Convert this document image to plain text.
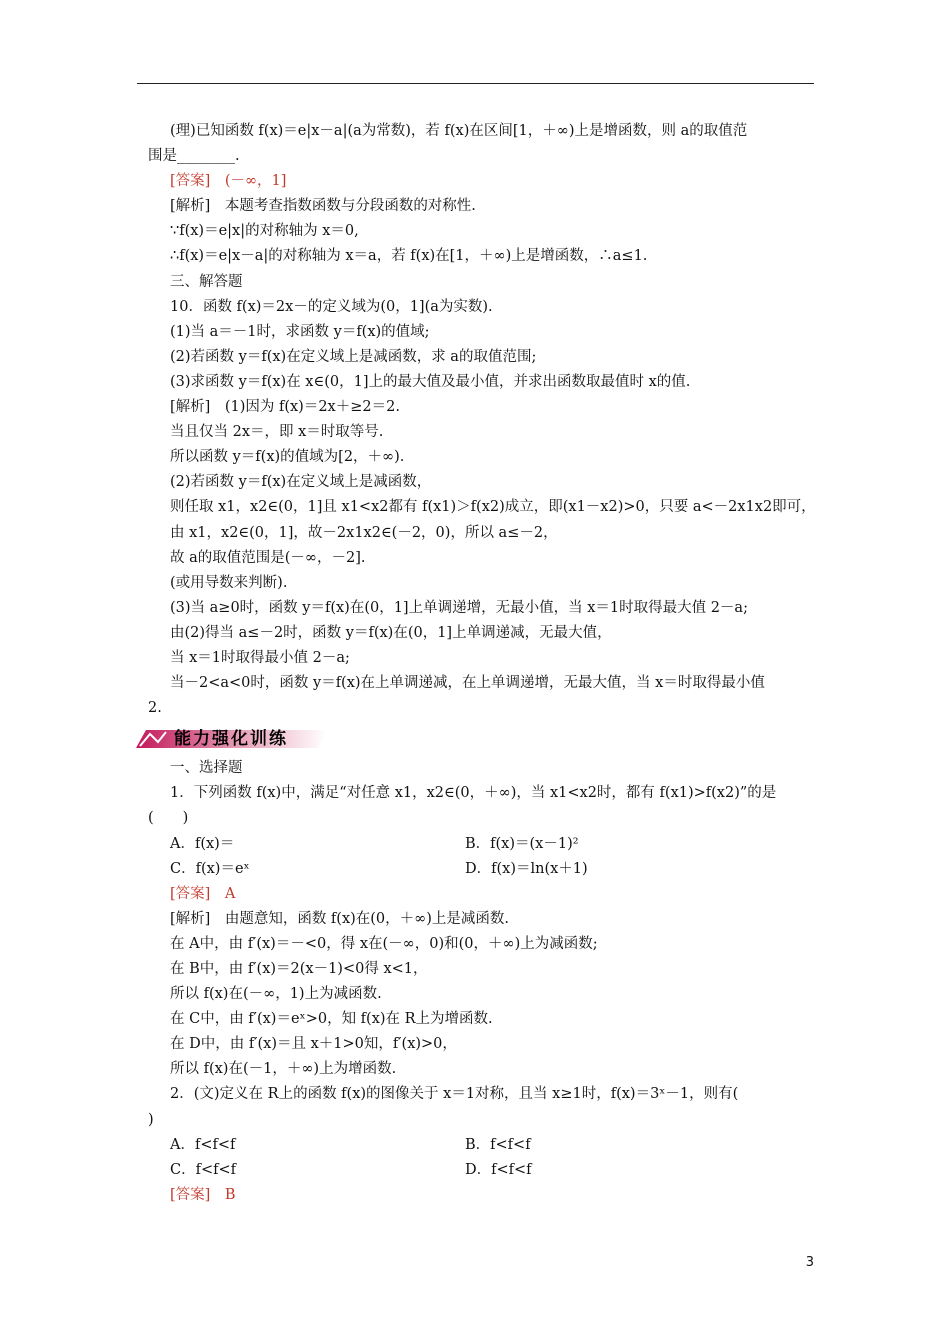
(理)已知函数 f(x)＝e|x－a|(a为常数)，若 f(x)在区间[1，＋∞)上是增函数，则 a的取值范
围是________.
[答案]　(－∞，1]
[解析]　本题考查指数函数与分段函数的对称性.
∵f(x)＝e|x|的对称轴为 x＝0,
∴f(x)＝e|x－a|的对称轴为 x＝a，若 f(x)在[1，＋∞)上是增函数，∴a≤1.
三、解答题
10．函数 f(x)＝2x－的定义域为(0，1](a为实数).
(1)当 a＝－1时，求函数 y＝f(x)的值域;
(2)若函数 y＝f(x)在定义域上是减函数，求 a的取值范围;
(3)求函数 y＝f(x)在 x∈(0，1]上的最大值及最小值，并求出函数取最值时 x的值.
[解析]　(1)因为 f(x)＝2x＋≥2＝2.
当且仅当 2x＝，即 x＝时取等号.
所以函数 y＝f(x)的值域为[2，＋∞).
(2)若函数 y＝f(x)在定义域上是减函数，
则任取 x1，x2∈(0，1]且 x1<x2都有 f(x1)＞f(x2)成立，即(x1－x2)>0，只要 a<－2x1x2即可，
由 x1，x2∈(0，1]，故－2x1x2∈(－2，0)，所以 a≤－2，
故 a的取值范围是(－∞，－2].
(或用导数来判断).
(3)当 a≥0时，函数 y＝f(x)在(0，1]上单调递增，无最小值，当 x＝1时取得最大值 2－a;
由(2)得当 a≤－2时，函数 y＝f(x)在(0，1]上单调递减，无最大值，
当 x＝1时取得最小值 2－a;
当－2<a<0时，函数 y＝f(x)在上单调递减，在上单调递增，无最大值，当 x＝时取得最小值
2.
能力强化训练
一、选择题
1．下列函数 f(x)中，满足“对任意 x1，x2∈(0，＋∞)，当 x1<x2时，都有 f(x1)>f(x2)”的是
(　　)
A．f(x)＝	B．f(x)＝(x－1)²
C．f(x)＝eˣ	D．f(x)＝ln(x＋1)
[答案]　A
[解析]　由题意知，函数 f(x)在(0，＋∞)上是减函数.
在 A中，由 f′(x)＝－<0，得 x在(－∞，0)和(0，＋∞)上为减函数;
在 B中，由 f′(x)＝2(x－1)<0得 x<1，
所以 f(x)在(－∞，1)上为减函数.
在 C中，由 f′(x)＝eˣ>0，知 f(x)在 R上为增函数.
在 D中，由 f′(x)＝且 x＋1>0知，f′(x)>0，
所以 f(x)在(－1，＋∞)上为增函数.
2．(文)定义在 R上的函数 f(x)的图像关于 x＝1对称，且当 x≥1时，f(x)＝3ˣ－1，则有(
)
A．f<f<f	B．f<f<f
C．f<f<f	D．f<f<f
[答案]　B
3
